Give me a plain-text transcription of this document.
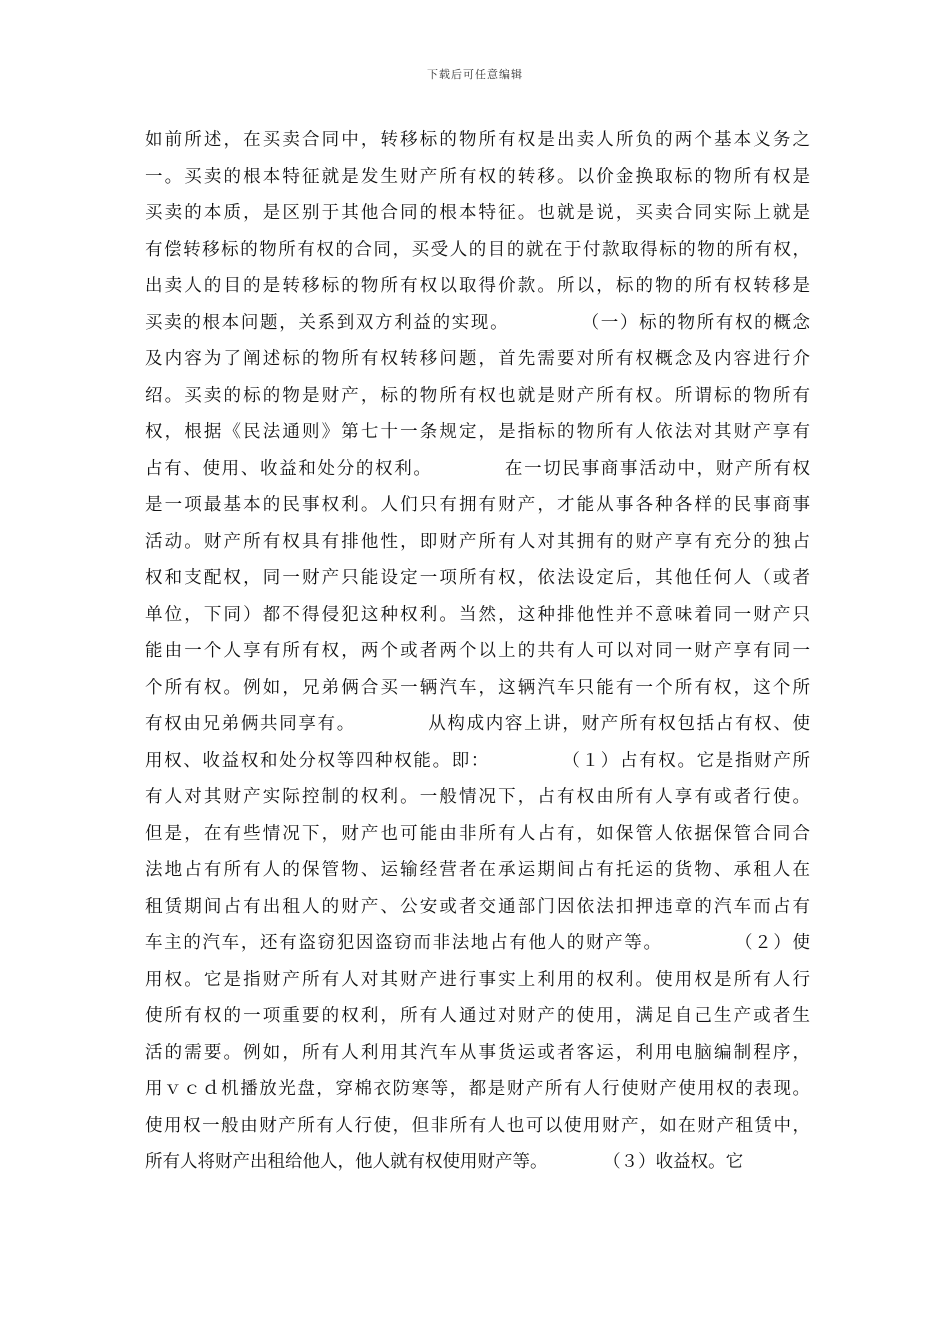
下载后可任意编辑
如前所述，在买卖合同中，转移标的物所有权是出卖人所负的两个基本义务之
一。买卖的根本特征就是发生财产所有权的转移。以价金换取标的物所有权是
买卖的本质，是区别于其他合同的根本特征。也就是说，买卖合同实际上就是
有偿转移标的物所有权的合同，买受人的目的就在于付款取得标的物的所有权，
出卖人的目的是转移标的物所有权以取得价款。所以，标的物的所有权转移是
买卖的根本问题，关系到双方利益的实现。          （一）标的物所有权的概念
及内容为了阐述标的物所有权转移问题，首先需要对所有权概念及内容进行介
绍。买卖的标的物是财产，标的物所有权也就是财产所有权。所谓标的物所有
权，根据《民法通则》第七十一条规定，是指标的物所有人依法对其财产享有
占有、使用、收益和处分的权利。          在一切民事商事活动中，财产所有权
是一项最基本的民事权利。人们只有拥有财产，才能从事各种各样的民事商事
活动。财产所有权具有排他性，即财产所有人对其拥有的财产享有充分的独占
权和支配权，同一财产只能设定一项所有权，依法设定后，其他任何人（或者
单位，下同）都不得侵犯这种权利。当然，这种排他性并不意味着同一财产只
能由一个人享有所有权，两个或者两个以上的共有人可以对同一财产享有同一
个所有权。例如，兄弟俩合买一辆汽车，这辆汽车只能有一个所有权，这个所
有权由兄弟俩共同享有。          从构成内容上讲，财产所有权包括占有权、使
用权、收益权和处分权等四种权能。即：          （１）占有权。它是指财产所
有人对其财产实际控制的权利。一般情况下，占有权由所有人享有或者行使。
但是，在有些情况下，财产也可能由非所有人占有，如保管人依据保管合同合
法地占有所有人的保管物、运输经营者在承运期间占有托运的货物、承租人在
租赁期间占有出租人的财产、公安或者交通部门因依法扣押违章的汽车而占有
车主的汽车，还有盗窃犯因盗窃而非法地占有他人的财产等。          （２）使
用权。它是指财产所有人对其财产进行事实上利用的权利。使用权是所有人行
使所有权的一项重要的权利，所有人通过对财产的使用，满足自己生产或者生
活的需要。例如，所有人利用其汽车从事货运或者客运，利用电脑编制程序，
用ｖｃｄ机播放光盘，穿棉衣防寒等，都是财产所有人行使财产使用权的表现。
使用权一般由财产所有人行使，但非所有人也可以使用财产，如在财产租赁中，
所有人将财产出租给他人，他人就有权使用财产等。          （３）收益权。它
